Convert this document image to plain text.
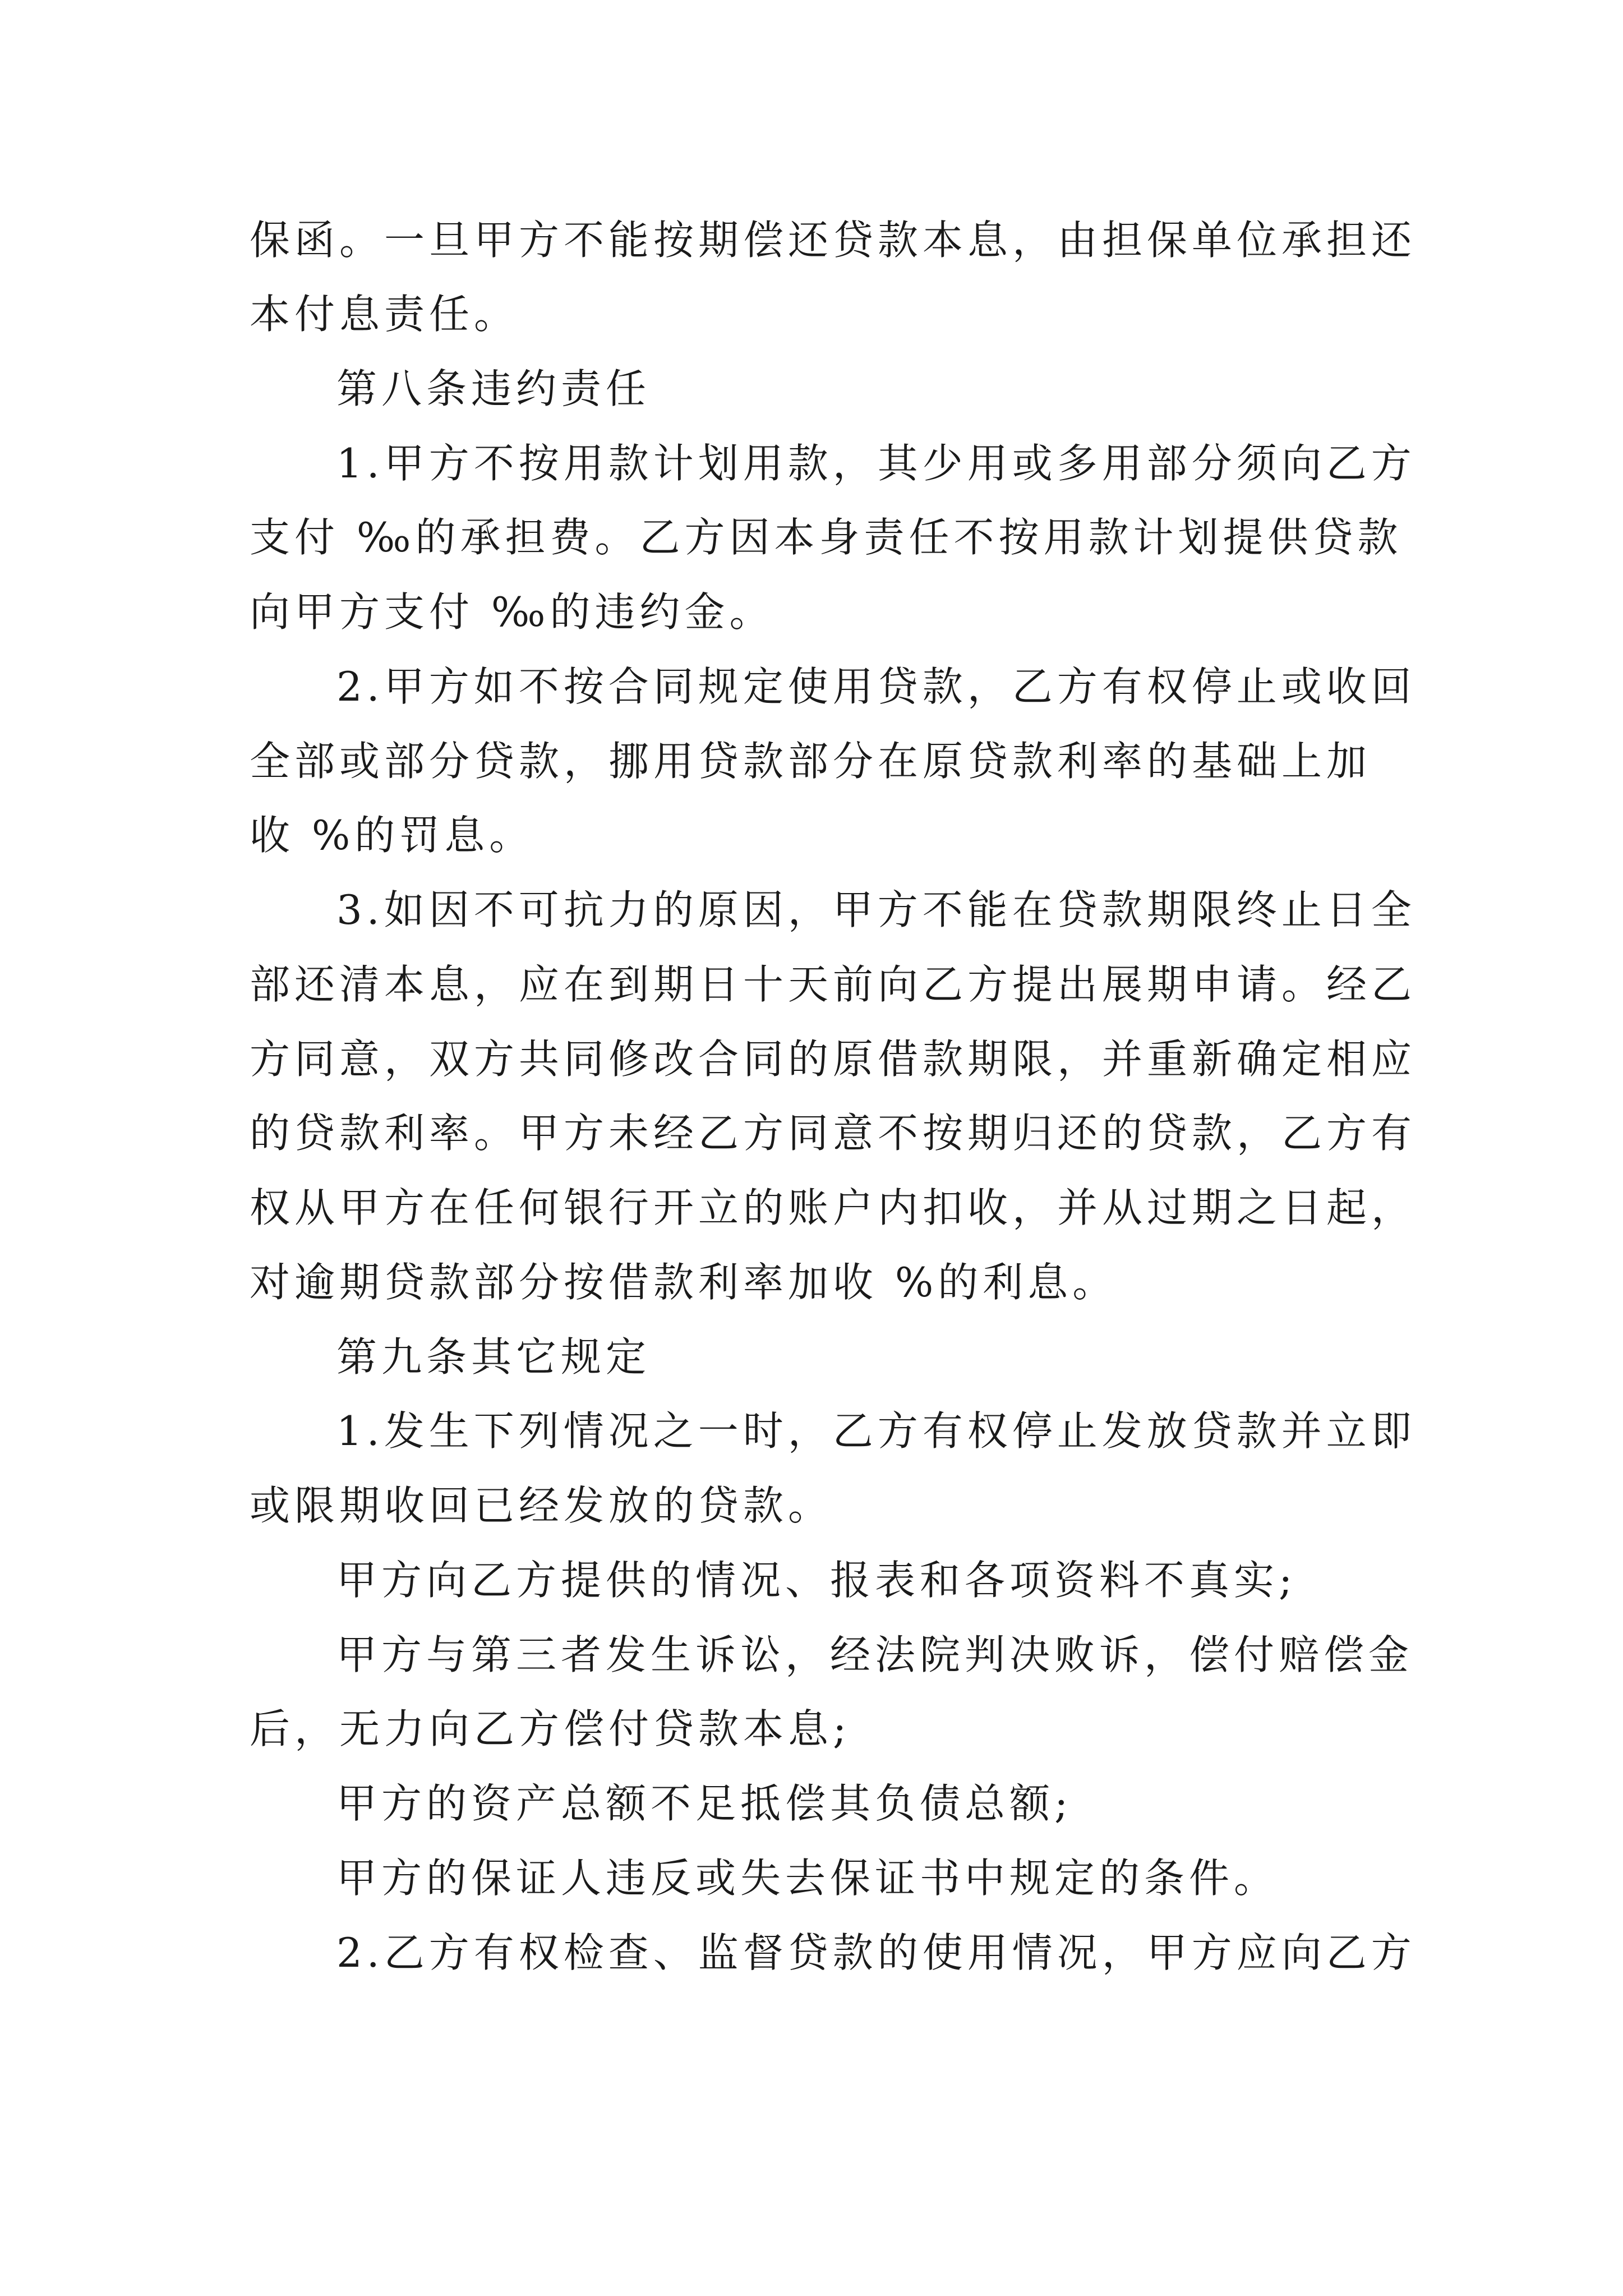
保函。一旦甲方不能按期偿还贷款本息，由担保单位承担还
本付息责任。
第八条违约责任
1.甲方不按用款计划用款，其少用或多用部分须向乙方
支付 ‰的承担费。乙方因本身责任不按用款计划提供贷款
向甲方支付 ‰的违约金。
2.甲方如不按合同规定使用贷款，乙方有权停止或收回
全部或部分贷款，挪用贷款部分在原贷款利率的基础上加
收 %的罚息。
3.如因不可抗力的原因，甲方不能在贷款期限终止日全
部还清本息，应在到期日十天前向乙方提出展期申请。经乙
方同意，双方共同修改合同的原借款期限，并重新确定相应
的贷款利率。甲方未经乙方同意不按期归还的贷款，乙方有
权从甲方在任何银行开立的账户内扣收，并从过期之日起，
对逾期贷款部分按借款利率加收 %的利息。
第九条其它规定
1.发生下列情况之一时，乙方有权停止发放贷款并立即
或限期收回已经发放的贷款。
甲方向乙方提供的情况、报表和各项资料不真实;
甲方与第三者发生诉讼，经法院判决败诉，偿付赔偿金
后，无力向乙方偿付贷款本息;
甲方的资产总额不足抵偿其负债总额;
甲方的保证人违反或失去保证书中规定的条件。
2.乙方有权检查、监督贷款的使用情况，甲方应向乙方
